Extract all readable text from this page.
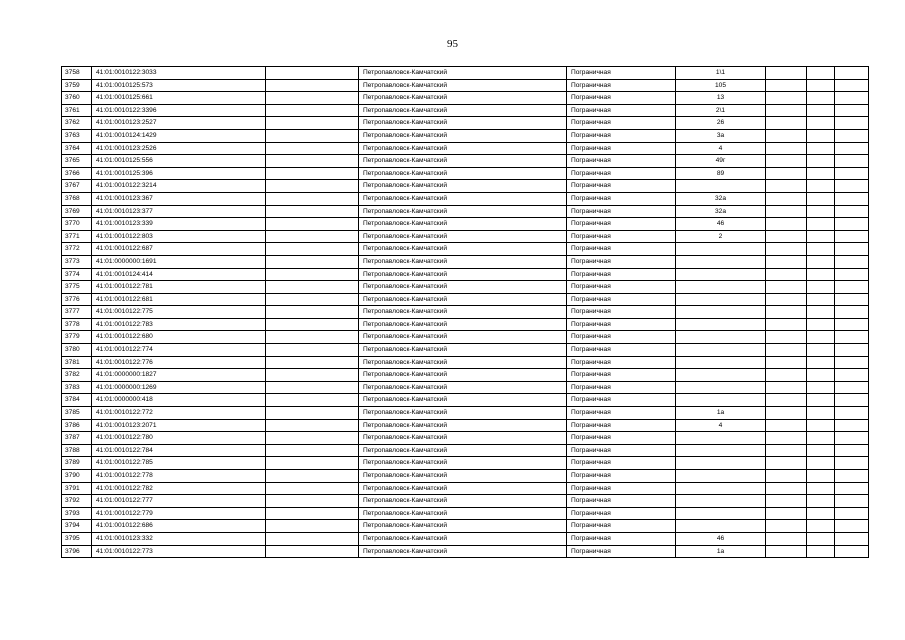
95
3758	41:01:0010122:3033		Петропавловск-Камчатский	Пограничная	1\1			
3759	41:01:0010125:573		Петропавловск-Камчатский	Пограничная	105			
3760	41:01:0010125:661		Петропавловск-Камчатский	Пограничная	13			
3761	41:01:0010122:3396		Петропавловск-Камчатский	Пограничная	2\1			
3762	41:01:0010123:2527		Петропавловск-Камчатский	Пограничная	26			
3763	41:01:0010124:1429		Петропавловск-Камчатский	Пограничная	3а			
3764	41:01:0010123:2526		Петропавловск-Камчатский	Пограничная	4			
3765	41:01:0010125:556		Петропавловск-Камчатский	Пограничная	49г			
3766	41:01:0010125:396		Петропавловск-Камчатский	Пограничная	89			
3767	41:01:0010122:3214		Петропавловск-Камчатский	Пограничная				
3768	41:01:0010123:367		Петропавловск-Камчатский	Пограничная	32а			
3769	41:01:0010123:377		Петропавловск-Камчатский	Пограничная	32а			
3770	41:01:0010123:339		Петропавловск-Камчатский	Пограничная	46			
3771	41:01:0010122:803		Петропавловск-Камчатский	Пограничная	2			
3772	41:01:0010122:687		Петропавловск-Камчатский	Пограничная				
3773	41:01:0000000:1691		Петропавловск-Камчатский	Пограничная				
3774	41:01:0010124:414		Петропавловск-Камчатский	Пограничная				
3775	41:01:0010122:781		Петропавловск-Камчатский	Пограничная				
3776	41:01:0010122:681		Петропавловск-Камчатский	Пограничная				
3777	41:01:0010122:775		Петропавловск-Камчатский	Пограничная				
3778	41:01:0010122:783		Петропавловск-Камчатский	Пограничная				
3779	41:01:0010122:680		Петропавловск-Камчатский	Пограничная				
3780	41:01:0010122:774		Петропавловск-Камчатский	Пограничная				
3781	41:01:0010122:776		Петропавловск-Камчатский	Пограничная				
3782	41:01:0000000:1827		Петропавловск-Камчатский	Пограничная				
3783	41:01:0000000:1269		Петропавловск-Камчатский	Пограничная				
3784	41:01:0000000:418		Петропавловск-Камчатский	Пограничная				
3785	41:01:0010122:772		Петропавловск-Камчатский	Пограничная	1а			
3786	41:01:0010123:2071		Петропавловск-Камчатский	Пограничная	4			
3787	41:01:0010122:780		Петропавловск-Камчатский	Пограничная				
3788	41:01:0010122:784		Петропавловск-Камчатский	Пограничная				
3789	41:01:0010122:785		Петропавловск-Камчатский	Пограничная				
3790	41:01:0010122:778		Петропавловск-Камчатский	Пограничная				
3791	41:01:0010122:782		Петропавловск-Камчатский	Пограничная				
3792	41:01:0010122:777		Петропавловск-Камчатский	Пограничная				
3793	41:01:0010122:779		Петропавловск-Камчатский	Пограничная				
3794	41:01:0010122:686		Петропавловск-Камчатский	Пограничная				
3795	41:01:0010123:332		Петропавловск-Камчатский	Пограничная	46			
3796	41:01:0010122:773		Петропавловск-Камчатский	Пограничная	1а			
